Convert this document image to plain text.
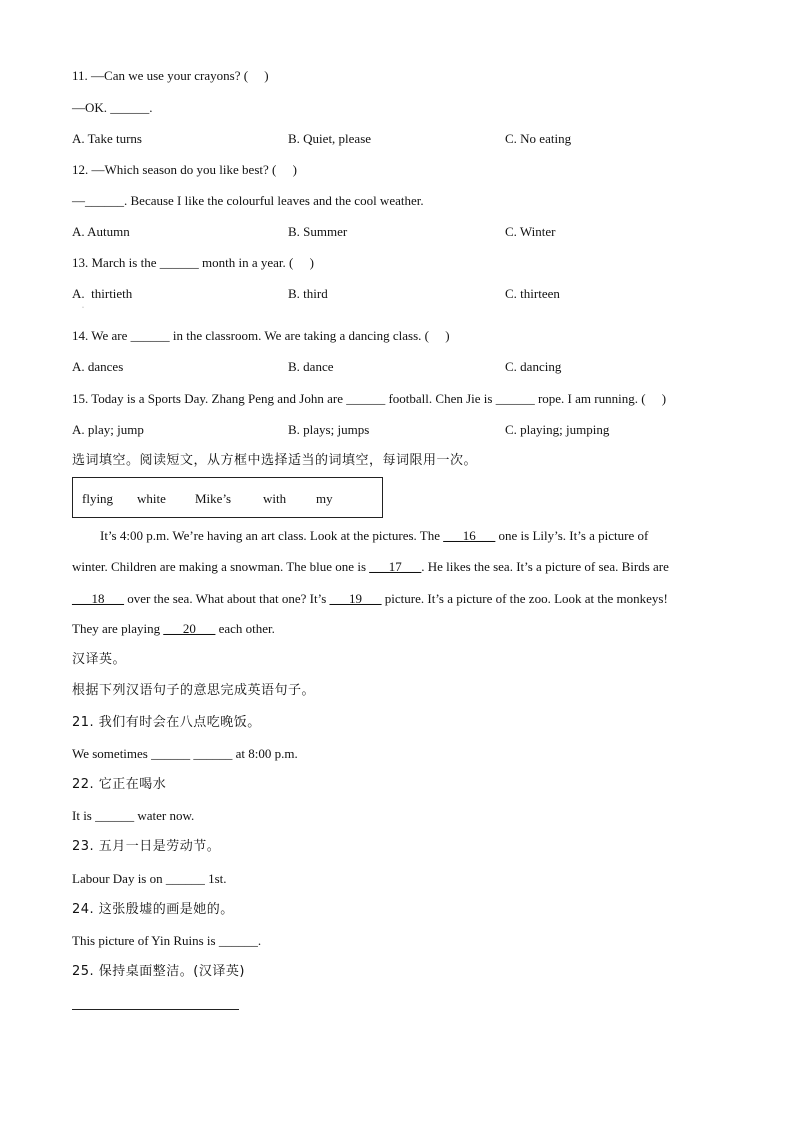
11. —Can we use your crayons? (     )
—OK. ______.
A. Take turns	B. Quiet, please	C. No eating
12. —Which season do you like best? (     )
—______. Because I like the colourful leaves and the cool weather.
A. Autumn	B. Summer	C. Winter
13. March is the ______ month in a year. (     )
A.  thirtieth	B. third	C. thirteen
·
14. We are ______ in the classroom. We are taking a dancing class. (     )
A. dances	B. dance	C. dancing
15. Today is a Sports Day. Zhang Peng and John are ______ football. Chen Jie is ______ rope. I am running. (     )
A. play; jump	B. plays; jumps	C. playing; jumping
选词填空。阅读短文，从方框中选择适当的词填空，每词限用一次。
flying white Mike’s with my
It’s 4:00 p.m. We’re having an art class. Look at the pictures. The ___16___ one is Lily’s. It’s a picture of
winter. Children are making a snowman. The blue one is ___17___. He likes the sea. It’s a picture of sea. Birds are
___18___ over the sea. What about that one? It’s ___19___ picture. It’s a picture of the zoo. Look at the monkeys!
They are playing ___20___ each other.
汉译英。
根据下列汉语句子的意思完成英语句子。
21. 我们有时会在八点吃晚饭。
We sometimes ______ ______ at 8:00 p.m.
22. 它正在喝水
It is ______ water now.
23. 五月一日是劳动节。
Labour Day is on ______ 1st.
24. 这张殷墟的画是她的。
This picture of Yin Ruins is ______.
25. 保持桌面整洁。(汉译英)
